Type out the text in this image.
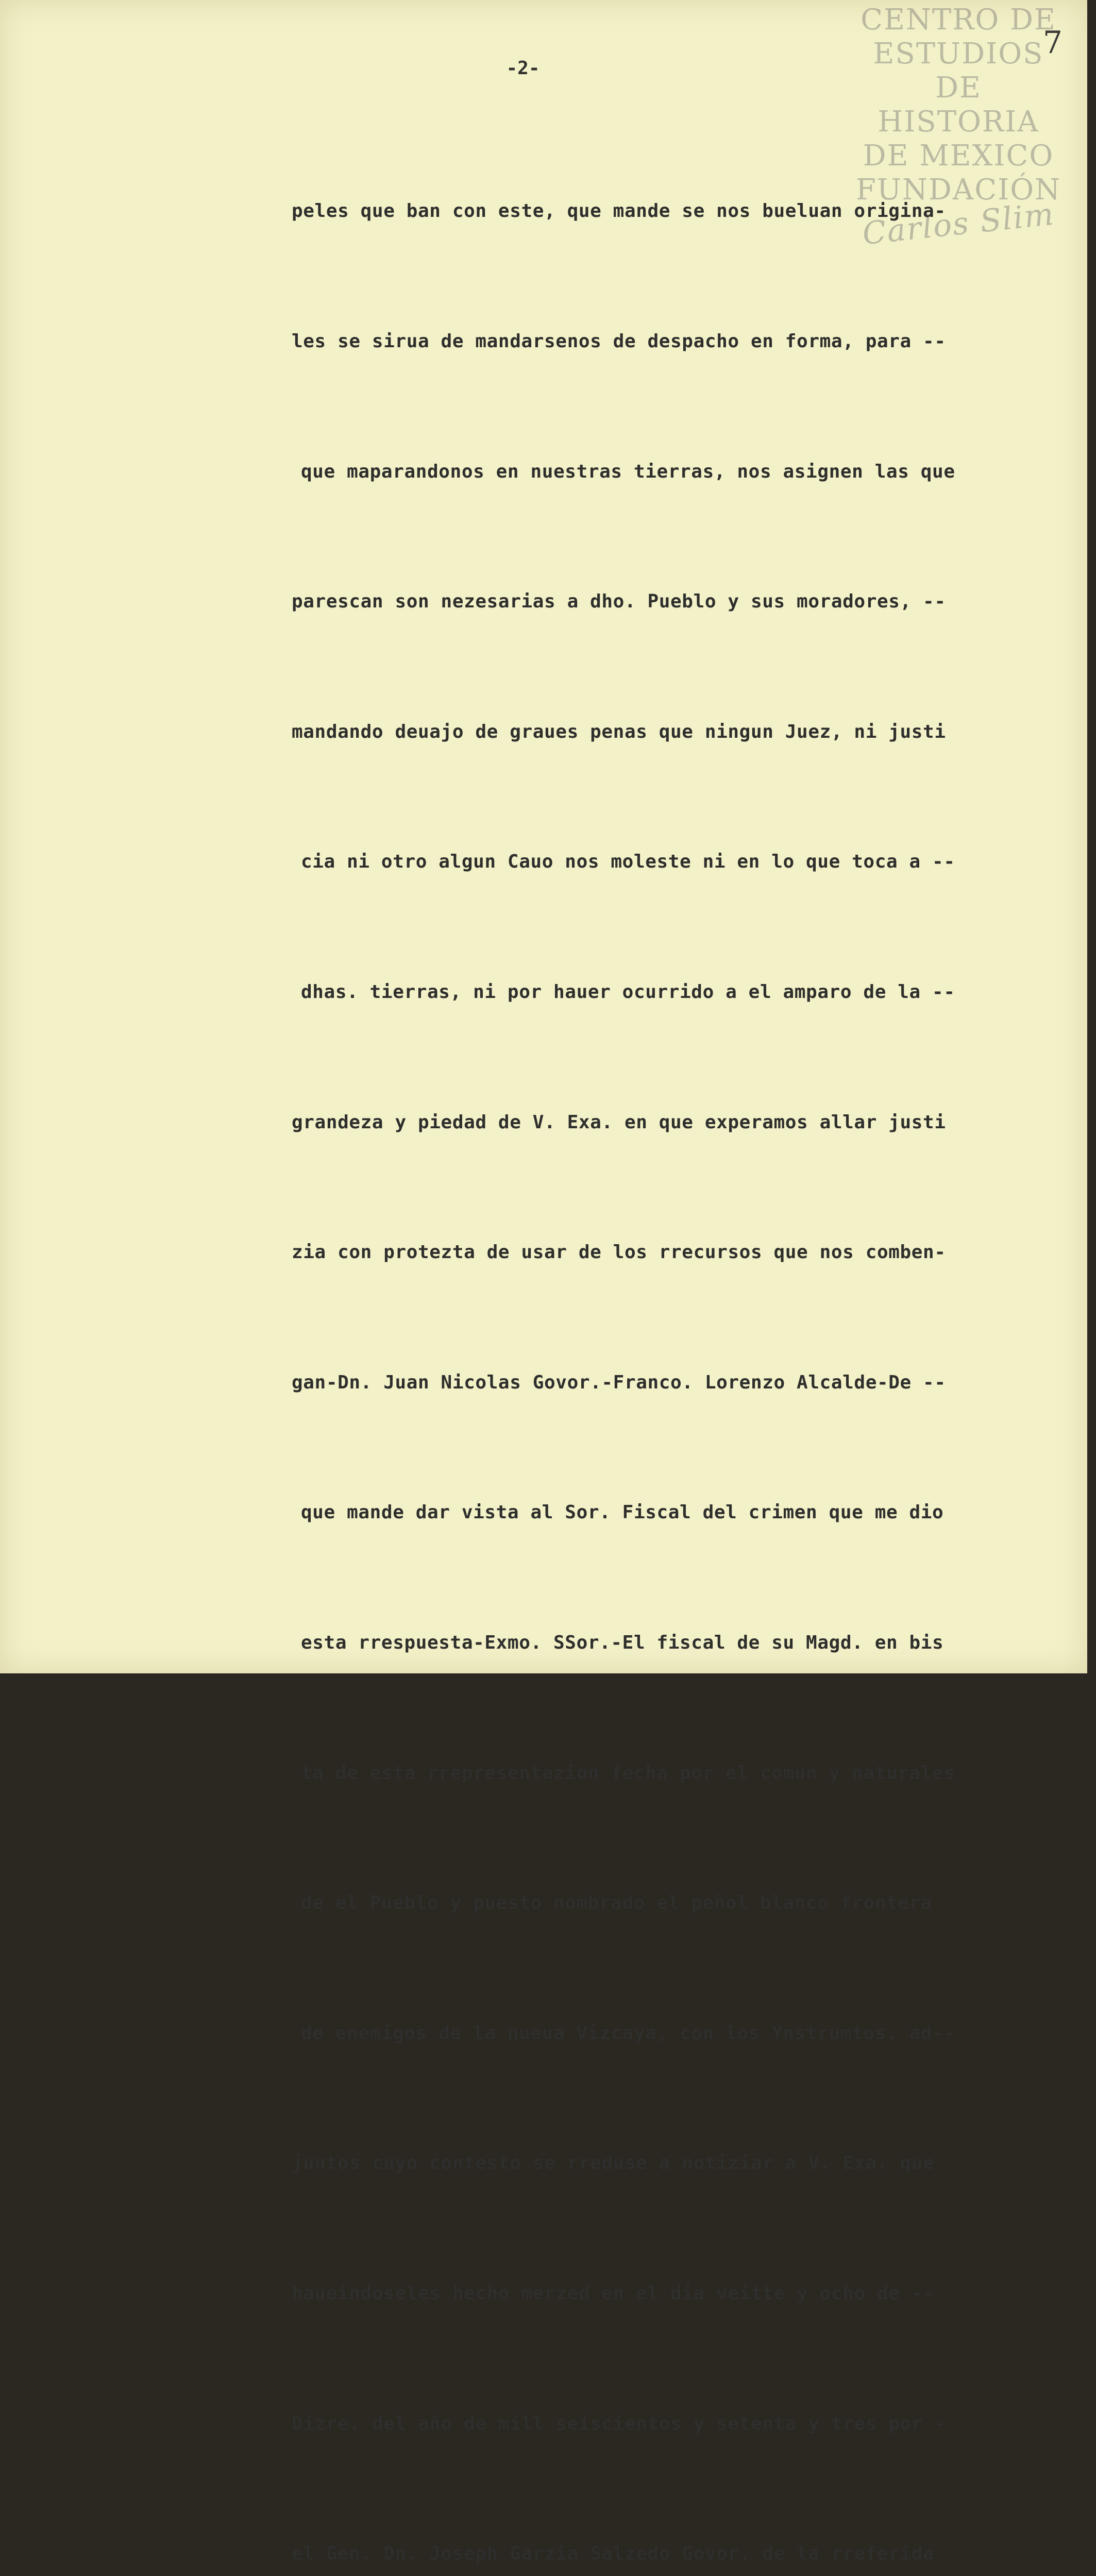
CENTRO DE
ESTUDIOS
DE HISTORIA
DE MEXICO
FUNDACIÓN
Carlos Slim
7
-2-

peles que ban con este, que mande se nos bueluan origina-

les se sirua de mandarsenos de despacho en forma, para --

que maparandonos en nuestras tierras, nos asignen las que

parescan son nezesarias a dho. Pueblo y sus moradores, --

mandando deuajo de graues penas que ningun Juez, ni justi

cia ni otro algun Cauo nos moleste ni en lo que toca a --

dhas. tierras, ni por hauer ocurrido a el amparo de la --

grandeza y piedad de V. Exa. en que experamos allar justi

zia con protezta de usar de los rrecursos que nos comben-

gan-Dn. Juan Nicolas Govor.-Franco. Lorenzo Alcalde-De --

que mande dar vista al Sor. Fiscal del crimen que me dio

esta rrespuesta-Exmo. SSor.-El fiscal de su Magd. en bis

ta de esta rrepresentazion fecha por el comun y naturales

de el Pueblo y puesto nombrado el peñol blanco frontera

de enemigos de la nueua Vizcaya, con los Ynstrumtos. ad--

juntos cuyo contesto se rreduse a notiziar a V. Exa. que

haueindoseles hecho merzed en el dia veitte y ocho de --

Dizre. del año de mill seiscientos y setenta y tres por -

el Gen. Dn. Joseph Garzia Salzedo Govor. de la rreferida
